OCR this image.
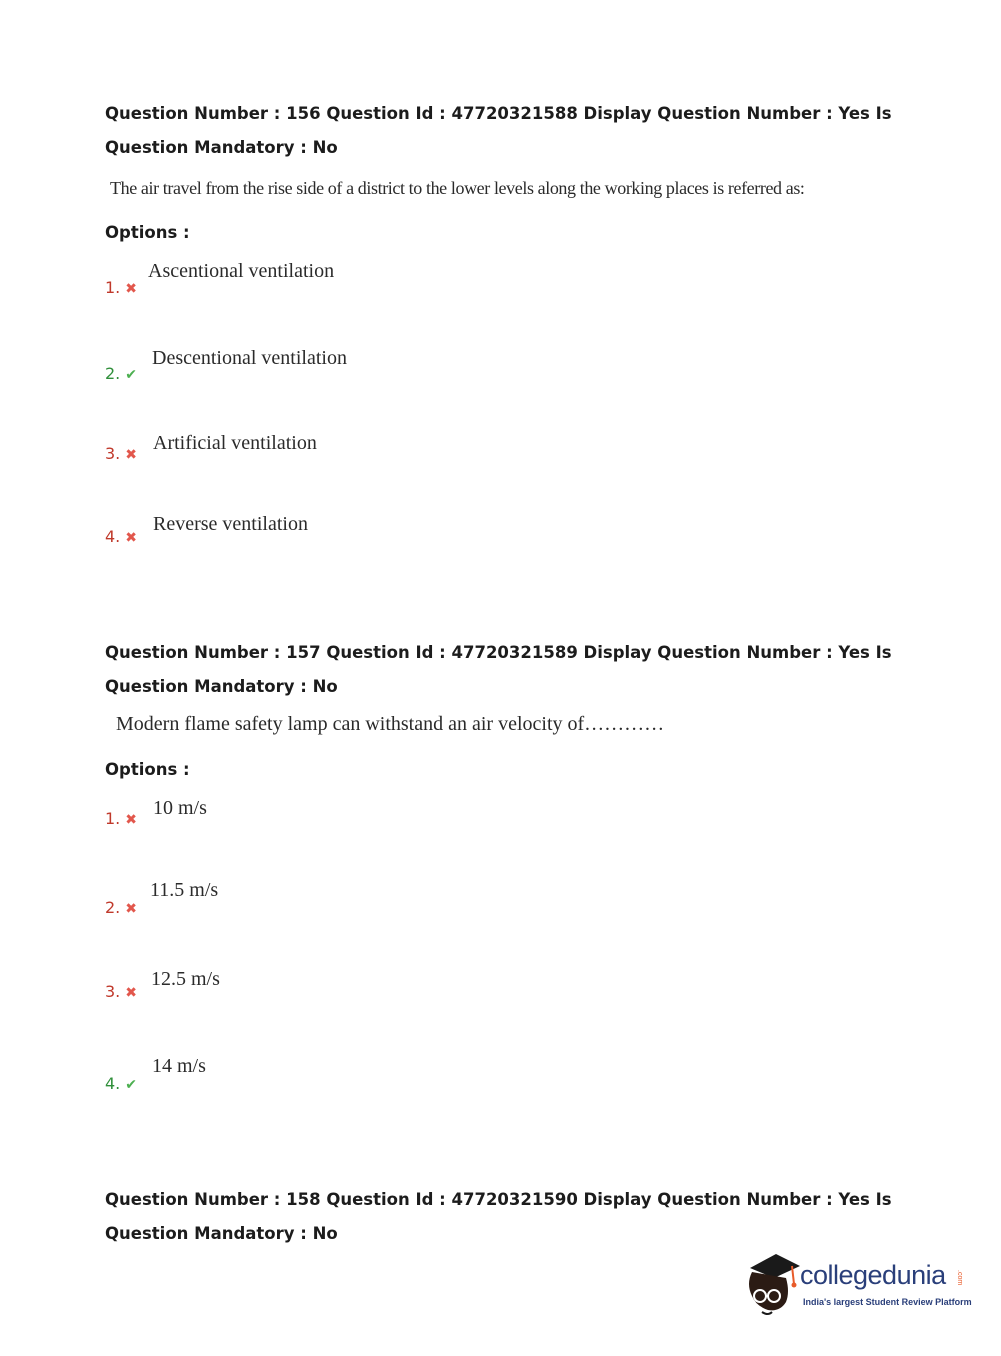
Question Number : 156 Question Id : 47720321588 Display Question Number : Yes Is Question Mandatory : No
The air travel from the rise side of a district to the lower levels along the working places is referred as:
Options :
1. ✖
Ascentional ventilation
2. ✔
Descentional ventilation
3. ✖
Artificial ventilation
4. ✖
Reverse ventilation
Question Number : 157 Question Id : 47720321589 Display Question Number : Yes Is Question Mandatory : No
Modern flame safety lamp can withstand an air velocity of…………
Options :
1. ✖
10 m/s
2. ✖
11.5 m/s
3. ✖
12.5 m/s
4. ✔
14 m/s
Question Number : 158 Question Id : 47720321590 Display Question Number : Yes Is Question Mandatory : No
collegedunia .com
India's largest Student Review Platform
